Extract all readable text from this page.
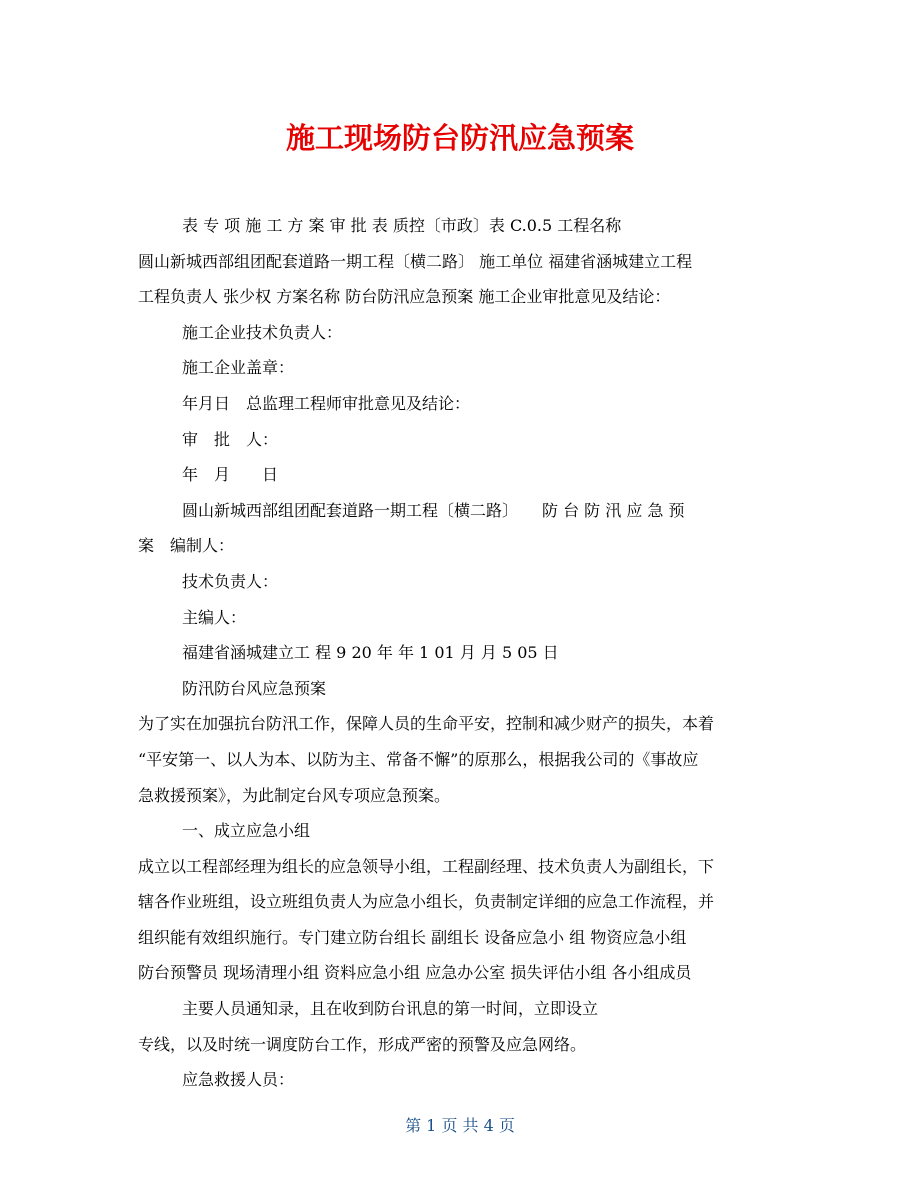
施工现场防台防汛应急预案
表 专 项 施 工 方 案 审 批 表 质控〔市政〕表 C.0.5 工程名称
圆山新城西部组团配套道路一期工程〔横二路〕 施工单位 福建省涵城建立工程
工程负责人 张少权 方案名称 防台防汛应急预案 施工企业审批意见及结论：
施工企业技术负责人：
施工企业盖章：
年月日　总监理工程师审批意见及结论：
审　批　人：
年　月　　日
圆山新城西部组团配套道路一期工程〔横二路〕　　防 台 防 汛 应 急 预
案　编制人：
技术负责人：
主编人：
福建省涵城建立工 程 9 20 年 年 1 01 月 月 5 05 日
防汛防台风应急预案
为了实在加强抗台防汛工作，保障人员的生命平安，控制和减少财产的损失，本着
“平安第一、以人为本、以防为主、常备不懈”的原那么，根据我公司的《事故应
急救援预案》，为此制定台风专项应急预案。
一、成立应急小组
成立以工程部经理为组长的应急领导小组，工程副经理、技术负责人为副组长，下
辖各作业班组，设立班组负责人为应急小组长，负责制定详细的应急工作流程，并
组织能有效组织施行。专门建立防台组长 副组长 设备应急小 组 物资应急小组
防台预警员 现场清理小组 资料应急小组 应急办公室 损失评估小组 各小组成员
主要人员通知录，且在收到防台讯息的第一时间，立即设立
专线，以及时统一调度防台工作，形成严密的预警及应急网络。
应急救援人员：
第 1 页 共 4 页
